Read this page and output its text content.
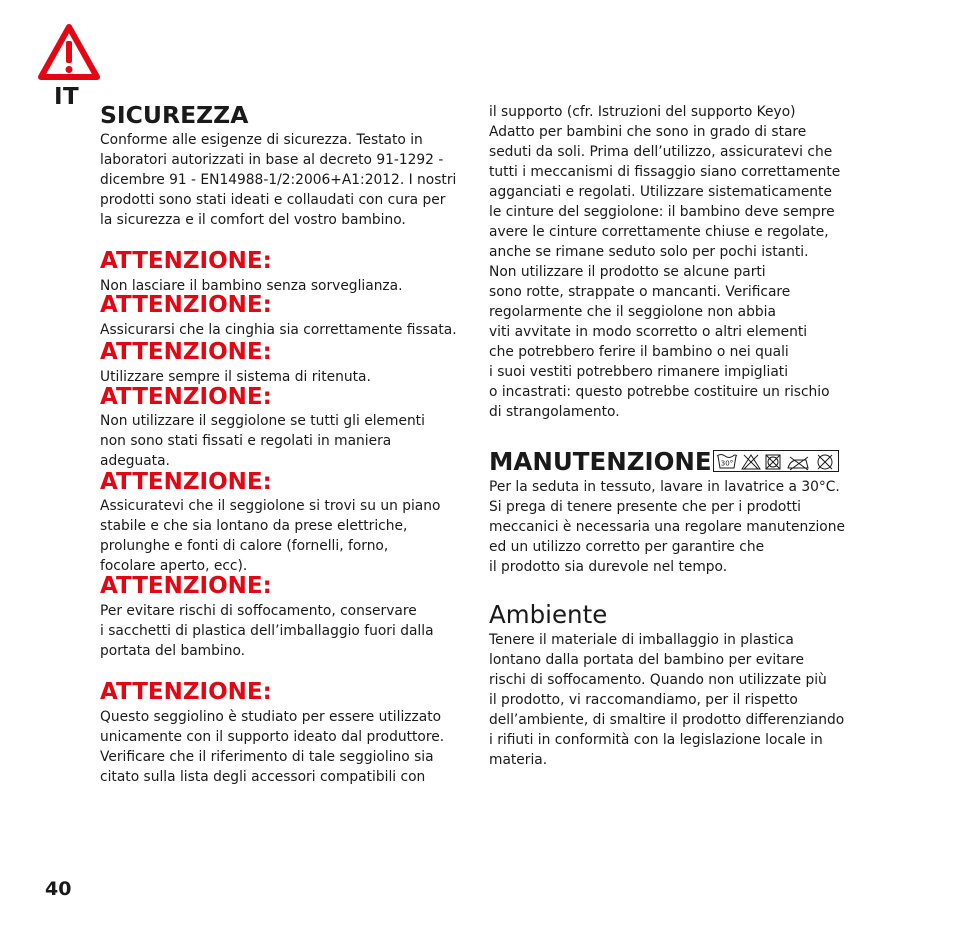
IT
SICUREZZA
Conforme alle esigenze di sicurezza. Testato in
laboratori autorizzati in base al decreto 91-1292 -
dicembre 91 - EN14988-1/2:2006+A1:2012. I nostri
prodotti sono stati ideati e collaudati con cura per
la sicurezza e il comfort del vostro bambino.
ATTENZIONE:
Non lasciare il bambino senza sorveglianza.
ATTENZIONE:
Assicurarsi che la cinghia sia correttamente fissata.
ATTENZIONE:
Utilizzare sempre il sistema di ritenuta.
ATTENZIONE:
Non utilizzare il seggiolone se tutti gli elementi
non sono stati fissati e regolati in maniera
adeguata.
ATTENZIONE:
Assicuratevi che il seggiolone si trovi su un piano
stabile e che sia lontano da prese elettriche,
prolunghe e fonti di calore (fornelli, forno,
focolare aperto, ecc).
ATTENZIONE:
Per evitare rischi di soffocamento, conservare
i sacchetti di plastica dell’imballaggio fuori dalla
portata del bambino.
ATTENZIONE:
Questo seggiolino è studiato per essere utilizzato
unicamente con il supporto ideato dal produttore.
Verificare che il riferimento di tale seggiolino sia
citato sulla lista degli accessori compatibili con
il supporto (cfr. Istruzioni del supporto Keyo)
Adatto per bambini che sono in grado di stare
seduti da soli. Prima dell’utilizzo, assicuratevi che
tutti i meccanismi di fissaggio siano correttamente
agganciati e regolati. Utilizzare sistematicamente
le cinture del seggiolone: il bambino deve sempre
avere le cinture correttamente chiuse e regolate,
anche se rimane seduto solo per pochi istanti.
Non utilizzare il prodotto se alcune parti
sono rotte, strappate o mancanti. Verificare
regolarmente che il seggiolone non abbia
viti avvitate in modo scorretto o altri elementi
che potrebbero ferire il bambino o nei quali
i suoi vestiti potrebbero rimanere impigliati
o incastrati: questo potrebbe costituire un rischio
di strangolamento.
MANUTENZIONE 30°
Per la seduta in tessuto, lavare in lavatrice a 30°C.
Si prega di tenere presente che per i prodotti
meccanici è necessaria una regolare manutenzione
ed un utilizzo corretto per garantire che
il prodotto sia durevole nel tempo.
Ambiente
Tenere il materiale di imballaggio in plastica
lontano dalla portata del bambino per evitare
rischi di soffocamento. Quando non utilizzate più
il prodotto, vi raccomandiamo, per il rispetto
dell’ambiente, di smaltire il prodotto differenziando
i rifiuti in conformità con la legislazione locale in
materia.
40
